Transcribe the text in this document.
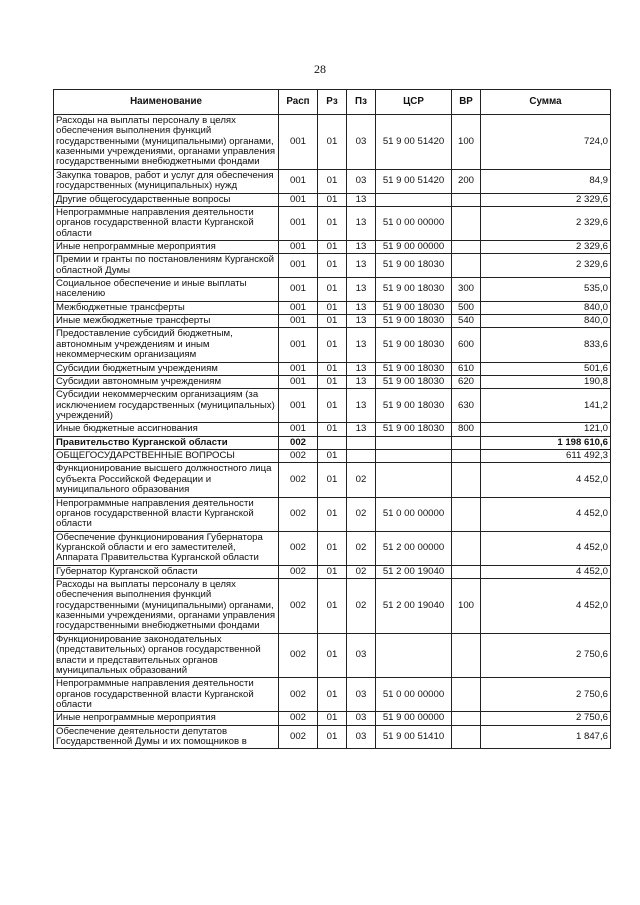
28
Наименование	Расп	Рз	Пз	ЦСР	ВР	Сумма
Расходы на выплаты персоналу в целях обеспечения выполнения функций государственными (муниципальными) органами, казенными учреждениями, органами управления государственными внебюджетными фондами	001	01	03	51 9 00 51420	100	724,0
Закупка товаров, работ и услуг для обеспечения государственных (муниципальных) нужд	001	01	03	51 9 00 51420	200	84,9
Другие общегосударственные вопросы	001	01	13			2 329,6
Непрограммные направления деятельности органов государственной власти Курганской области	001	01	13	51 0 00 00000		2 329,6
Иные непрограммные мероприятия	001	01	13	51 9 00 00000		2 329,6
Премии и гранты по постановлениям Курганской областной Думы	001	01	13	51 9 00 18030		2 329,6
Социальное обеспечение и иные выплаты населению	001	01	13	51 9 00 18030	300	535,0
Межбюджетные трансферты	001	01	13	51 9 00 18030	500	840,0
Иные межбюджетные трансферты	001	01	13	51 9 00 18030	540	840,0
Предоставление субсидий бюджетным, автономным учреждениям и иным некоммерческим организациям	001	01	13	51 9 00 18030	600	833,6
Субсидии бюджетным учреждениям	001	01	13	51 9 00 18030	610	501,6
Субсидии автономным учреждениям	001	01	13	51 9 00 18030	620	190,8
Субсидии некоммерческим организациям (за исключением государственных (муниципальных) учреждений)	001	01	13	51 9 00 18030	630	141,2
Иные бюджетные ассигнования	001	01	13	51 9 00 18030	800	121,0
Правительство Курганской области	002					1 198 610,6
ОБЩЕГОСУДАРСТВЕННЫЕ ВОПРОСЫ	002	01				611 492,3
Функционирование высшего должностного лица субъекта Российской Федерации и муниципального образования	002	01	02			4 452,0
Непрограммные направления деятельности органов государственной власти Курганской области	002	01	02	51 0 00 00000		4 452,0
Обеспечение функционирования Губернатора Курганской области и его заместителей, Аппарата Правительства Курганской области	002	01	02	51 2 00 00000		4 452,0
Губернатор Курганской области	002	01	02	51 2 00 19040		4 452,0
Расходы на выплаты персоналу в целях обеспечения выполнения функций государственными (муниципальными) органами, казенными учреждениями, органами управления государственными внебюджетными фондами	002	01	02	51 2 00 19040	100	4 452,0
Функционирование законодательных (представительных) органов государственной власти и представительных органов муниципальных образований	002	01	03			2 750,6
Непрограммные направления деятельности органов государственной власти Курганской области	002	01	03	51 0 00 00000		2 750,6
Иные непрограммные мероприятия	002	01	03	51 9 00 00000		2 750,6
Обеспечение деятельности депутатов Государственной Думы и их помощников в	002	01	03	51 9 00 51410		1 847,6
